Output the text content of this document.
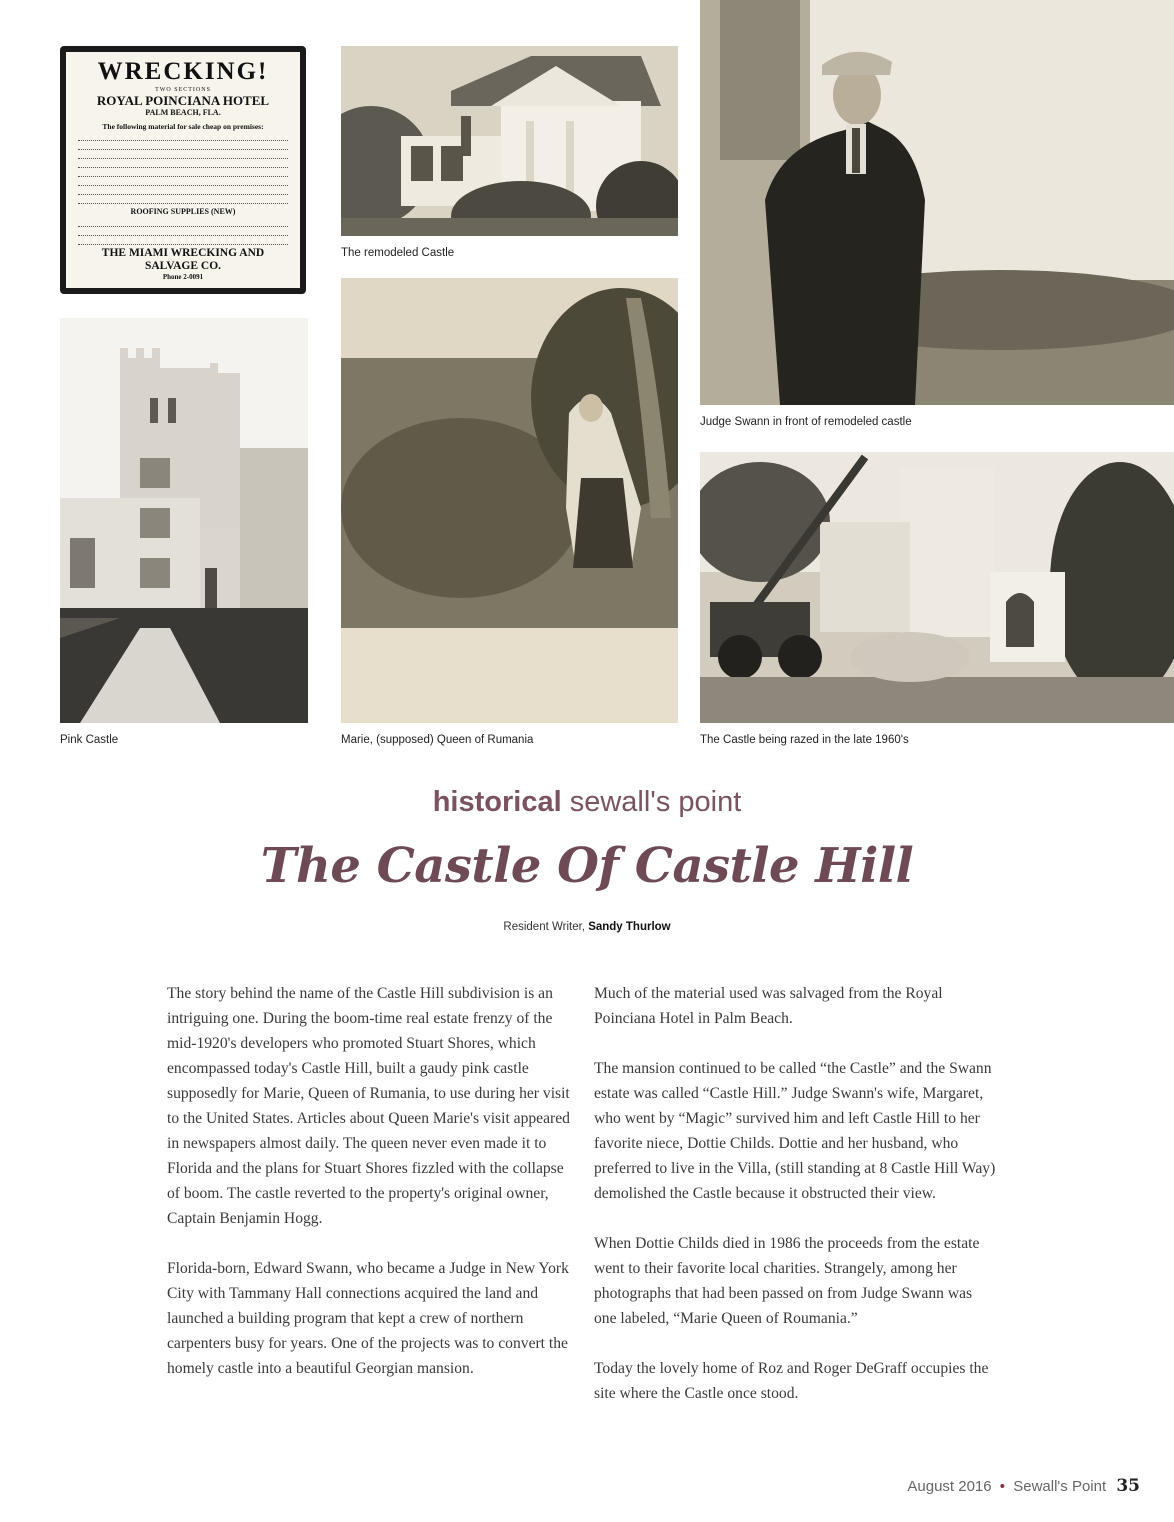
WRECKING!
TWO SECTIONS
ROYAL POINCIANA HOTEL
PALM BEACH, FLA.
The following material for sale cheap on premises:
ROOFING SUPPLIES (NEW)
THE MIAMI WRECKING AND SALVAGE CO.
Phone 2-0091
The remodeled Castle
Judge Swann in front of remodeled castle
Pink Castle	Marie, (supposed) Queen of Rumania	The Castle being razed in the late 1960's
historical sewall's point
The Castle Of Castle Hill
Resident Writer, Sandy Thurlow

The story behind the name of the Castle Hill subdivision is an intriguing one. During the boom-time real estate frenzy of the mid-1920's developers who promoted Stuart Shores, which encompassed today's Castle Hill, built a gaudy pink castle supposedly for Marie, Queen of Rumania, to use during her visit to the United States. Articles about Queen Marie's visit appeared in newspapers almost daily. The queen never even made it to Florida and the plans for Stuart Shores fizzled with the collapse of boom. The castle reverted to the property's original owner, Captain Benjamin Hogg.

Florida-born, Edward Swann, who became a Judge in New York City with Tammany Hall connections acquired the land and launched a building program that kept a crew of northern carpenters busy for years. One of the projects was to convert the homely castle into a beautiful Georgian mansion.

Much of the material used was salvaged from the Royal Poinciana Hotel in Palm Beach.

The mansion continued to be called “the Castle” and the Swann estate was called “Castle Hill.” Judge Swann's wife, Margaret, who went by “Magic” survived him and left Castle Hill to her favorite niece, Dottie Childs. Dottie and her husband, who preferred to live in the Villa, (still standing at 8 Castle Hill Way) demolished the Castle because it obstructed their view.

When Dottie Childs died in 1986 the proceeds from the estate went to their favorite local charities. Strangely, among her photographs that had been passed on from Judge Swann was one labeled, “Marie Queen of Roumania.”

Today the lovely home of Roz and Roger DeGraff occupies the site where the Castle once stood.

August 2016 • Sewall's Point 35
